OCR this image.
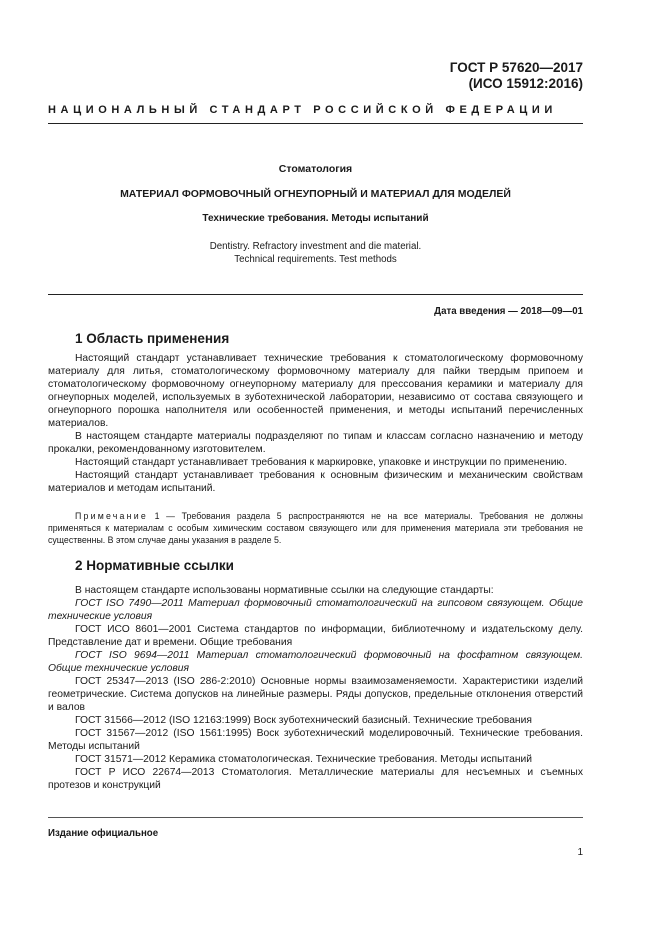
ГОСТ Р 57620—2017
(ИСО 15912:2016)
НАЦИОНАЛЬНЫЙ СТАНДАРТ РОССИЙСКОЙ ФЕДЕРАЦИИ
Стоматология
МАТЕРИАЛ ФОРМОВОЧНЫЙ ОГНЕУПОРНЫЙ И МАТЕРИАЛ ДЛЯ МОДЕЛЕЙ
Технические требования. Методы испытаний
Dentistry. Refractory investment and die material.
Technical requirements. Test methods
Дата введения — 2018—09—01
1 Область применения

Настоящий стандарт устанавливает технические требования к стоматологическому формовочному материалу для литья, стоматологическому формовочному материалу для пайки твердым припоем и стоматологическому формовочному огнеупорному материалу для прессования керамики и материалу для огнеупорных моделей, используемых в зуботехнической лаборатории, независимо от состава связующего и огнеупорного порошка наполнителя или особенностей применения, и методы испытаний перечисленных материалов.

В настоящем стандарте материалы подразделяют по типам и классам согласно назначению и методу прокалки, рекомендованному изготовителем.

Настоящий стандарт устанавливает требования к маркировке, упаковке и инструкции по применению.

Настоящий стандарт устанавливает требования к основным физическим и механическим свойствам материалов и методам испытаний.

Примечание 1 — Требования раздела 5 распространяются не на все материалы. Требования не должны применяться к материалам с особым химическим составом связующего или для применения материала эти требования не существенны. В этом случае даны указания в разделе 5.
2 Нормативные ссылки

В настоящем стандарте использованы нормативные ссылки на следующие стандарты:

ГОСТ ISO 7490—2011 Материал формовочный стоматологический на гипсовом связующем. Общие технические условия

ГОСТ ИСО 8601—2001 Система стандартов по информации, библиотечному и издательскому делу. Представление дат и времени. Общие требования

ГОСТ ISO 9694—2011 Материал стоматологический формовочный на фосфатном связующем. Общие технические условия

ГОСТ 25347—2013 (ISO 286-2:2010) Основные нормы взаимозаменяемости. Характеристики изделий геометрические. Система допусков на линейные размеры. Ряды допусков, предельные отклонения отверстий и валов

ГОСТ 31566—2012 (ISO 12163:1999) Воск зуботехнический базисный. Технические требования

ГОСТ 31567—2012 (ISO 1561:1995) Воск зуботехнический моделировочный. Технические требования. Методы испытаний

ГОСТ 31571—2012 Керамика стоматологическая. Технические требования. Методы испытаний

ГОСТ Р ИСО 22674—2013 Стоматология. Металлические материалы для несъемных и съемных протезов и конструкций

Издание официальное
1
